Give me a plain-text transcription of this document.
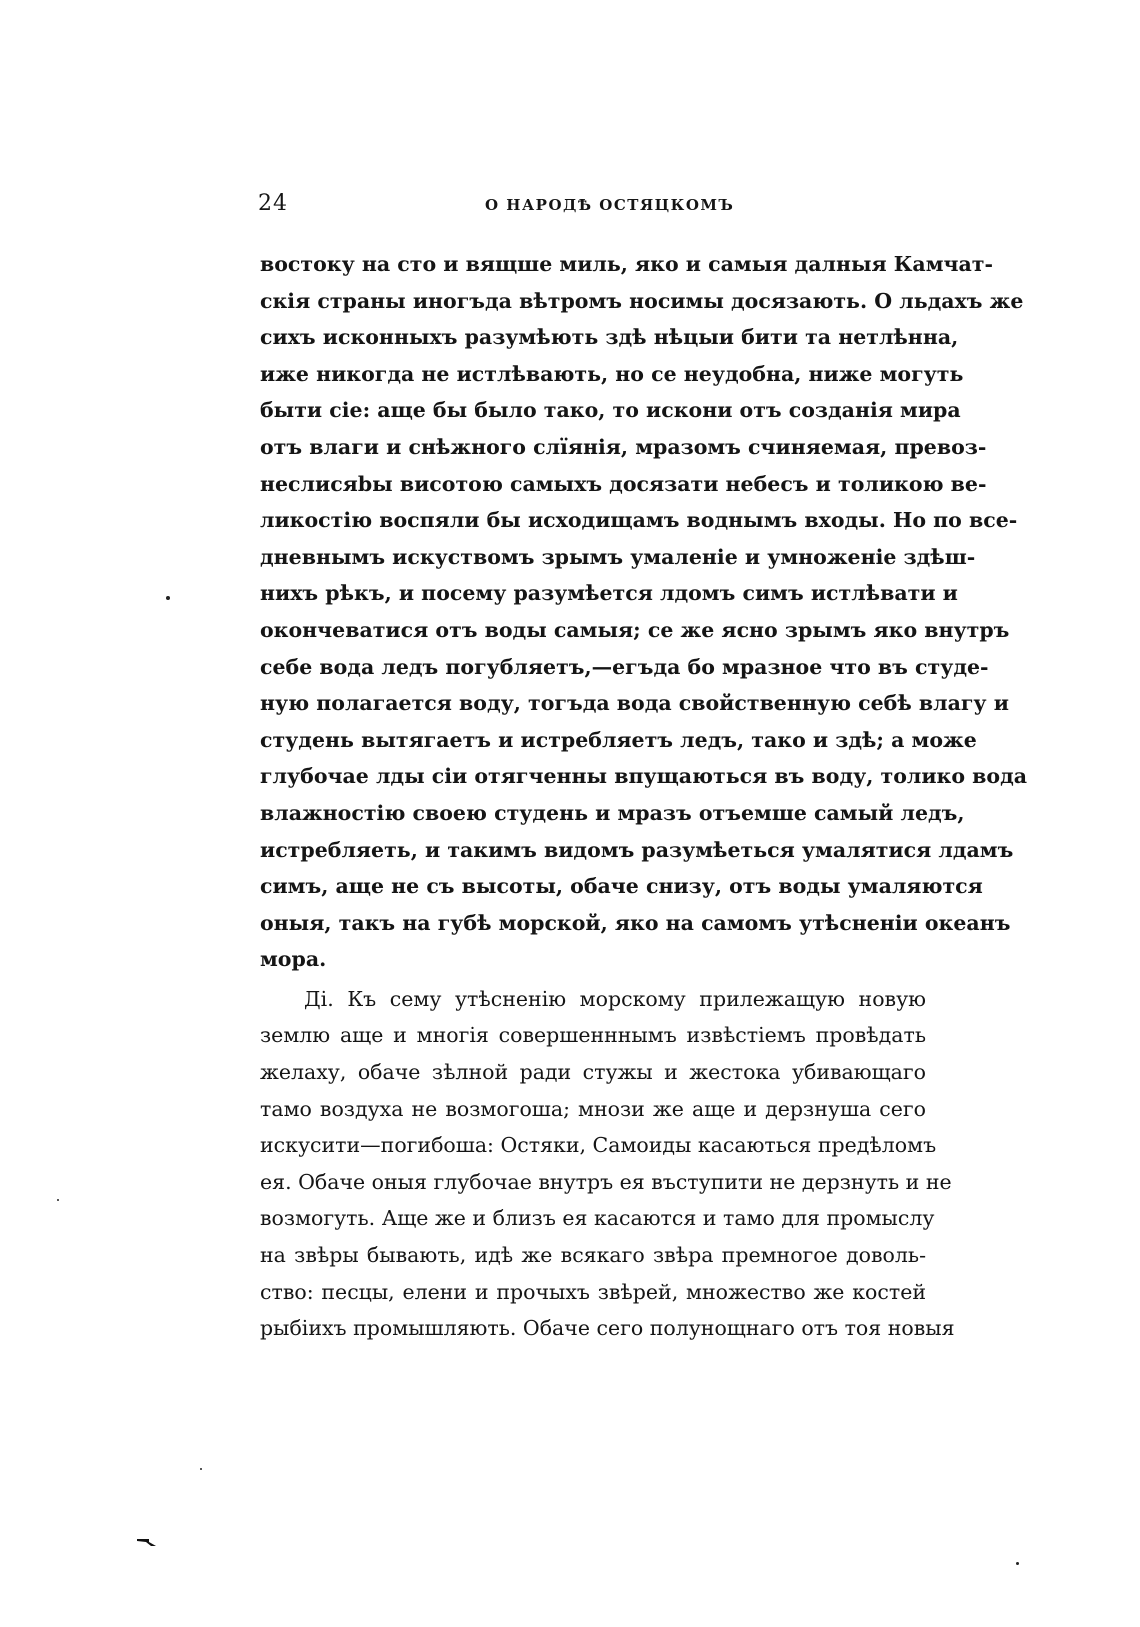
24	О НАРОДѢ ОСТЯЦКОМЪ
востоку на сто и вящше миль, яко и самыя далныя Камчат-
скія страны иногъда вѣтромъ носимы досязають. О льдахъ же
сихъ исконныхъ разумѣють здѣ нѣцыи бити та нетлѣнна,
иже никогда не истлѣвають, но се неудобна, ниже могуть
быти сіе: аще бы было тако, то искони отъ созданія мира
отъ влаги и снѣжного слїянія, мразомъ счиняемая, превоз-
неслисяbы висотою самыхъ досязати небесъ и толикою ве-
ликостію воспяли бы исходищамъ воднымъ входы. Но по все-
дневнымъ искуствомъ зрымъ умаленіе и умноженіе здѣш-
нихъ рѣкъ, и посему разумѣется лдомъ симъ истлѣвати и
окончеватися отъ воды самыя; се же ясно зрымъ яко внутръ
себе вода ледъ погубляетъ,—егъда бо мразное что въ студе-
ную полагается воду, тогъда вода свойственную себѣ влагу и
студень вытягаетъ и истребляетъ ледъ, тако и здѣ; а може
глубочае лды сіи отягченны впущаються въ воду, толико вода
влажностію своею студень и мразъ отъемше самый ледъ,
истребляеть, и такимъ видомъ разумѣеться умалятися лдамъ
симъ, аще не съ высоты, обаче снизу, отъ воды умаляются
оныя, такъ на губѣ морской, яко на самомъ утѣсненіи океанъ
мора.
Ді. Къ сему утѣсненію морскому прилежащую новую
землю аще и многія совершенннымъ извѣстіемъ провѣдать
желаху, обаче зѣлной ради стужы и жестока убивающаго
тамо воздуха не возмогоша; мнози же аще и дерзнуша сего
искусити—погибоша: Остяки, Самоиды касаються предѣломъ
ея. Обаче оныя глубочае внутръ ея въступити не дерзнуть и не
возмогуть. Аще же и близъ ея касаются и тамо для промыслу
на звѣры бывають, идѣ же всякаго звѣра премногое доволь-
ство: песцы, елени и прочыхъ звѣрей, множество же костей
рыбіихъ промышляють. Обаче сего полунощнаго отъ тоя новыя
